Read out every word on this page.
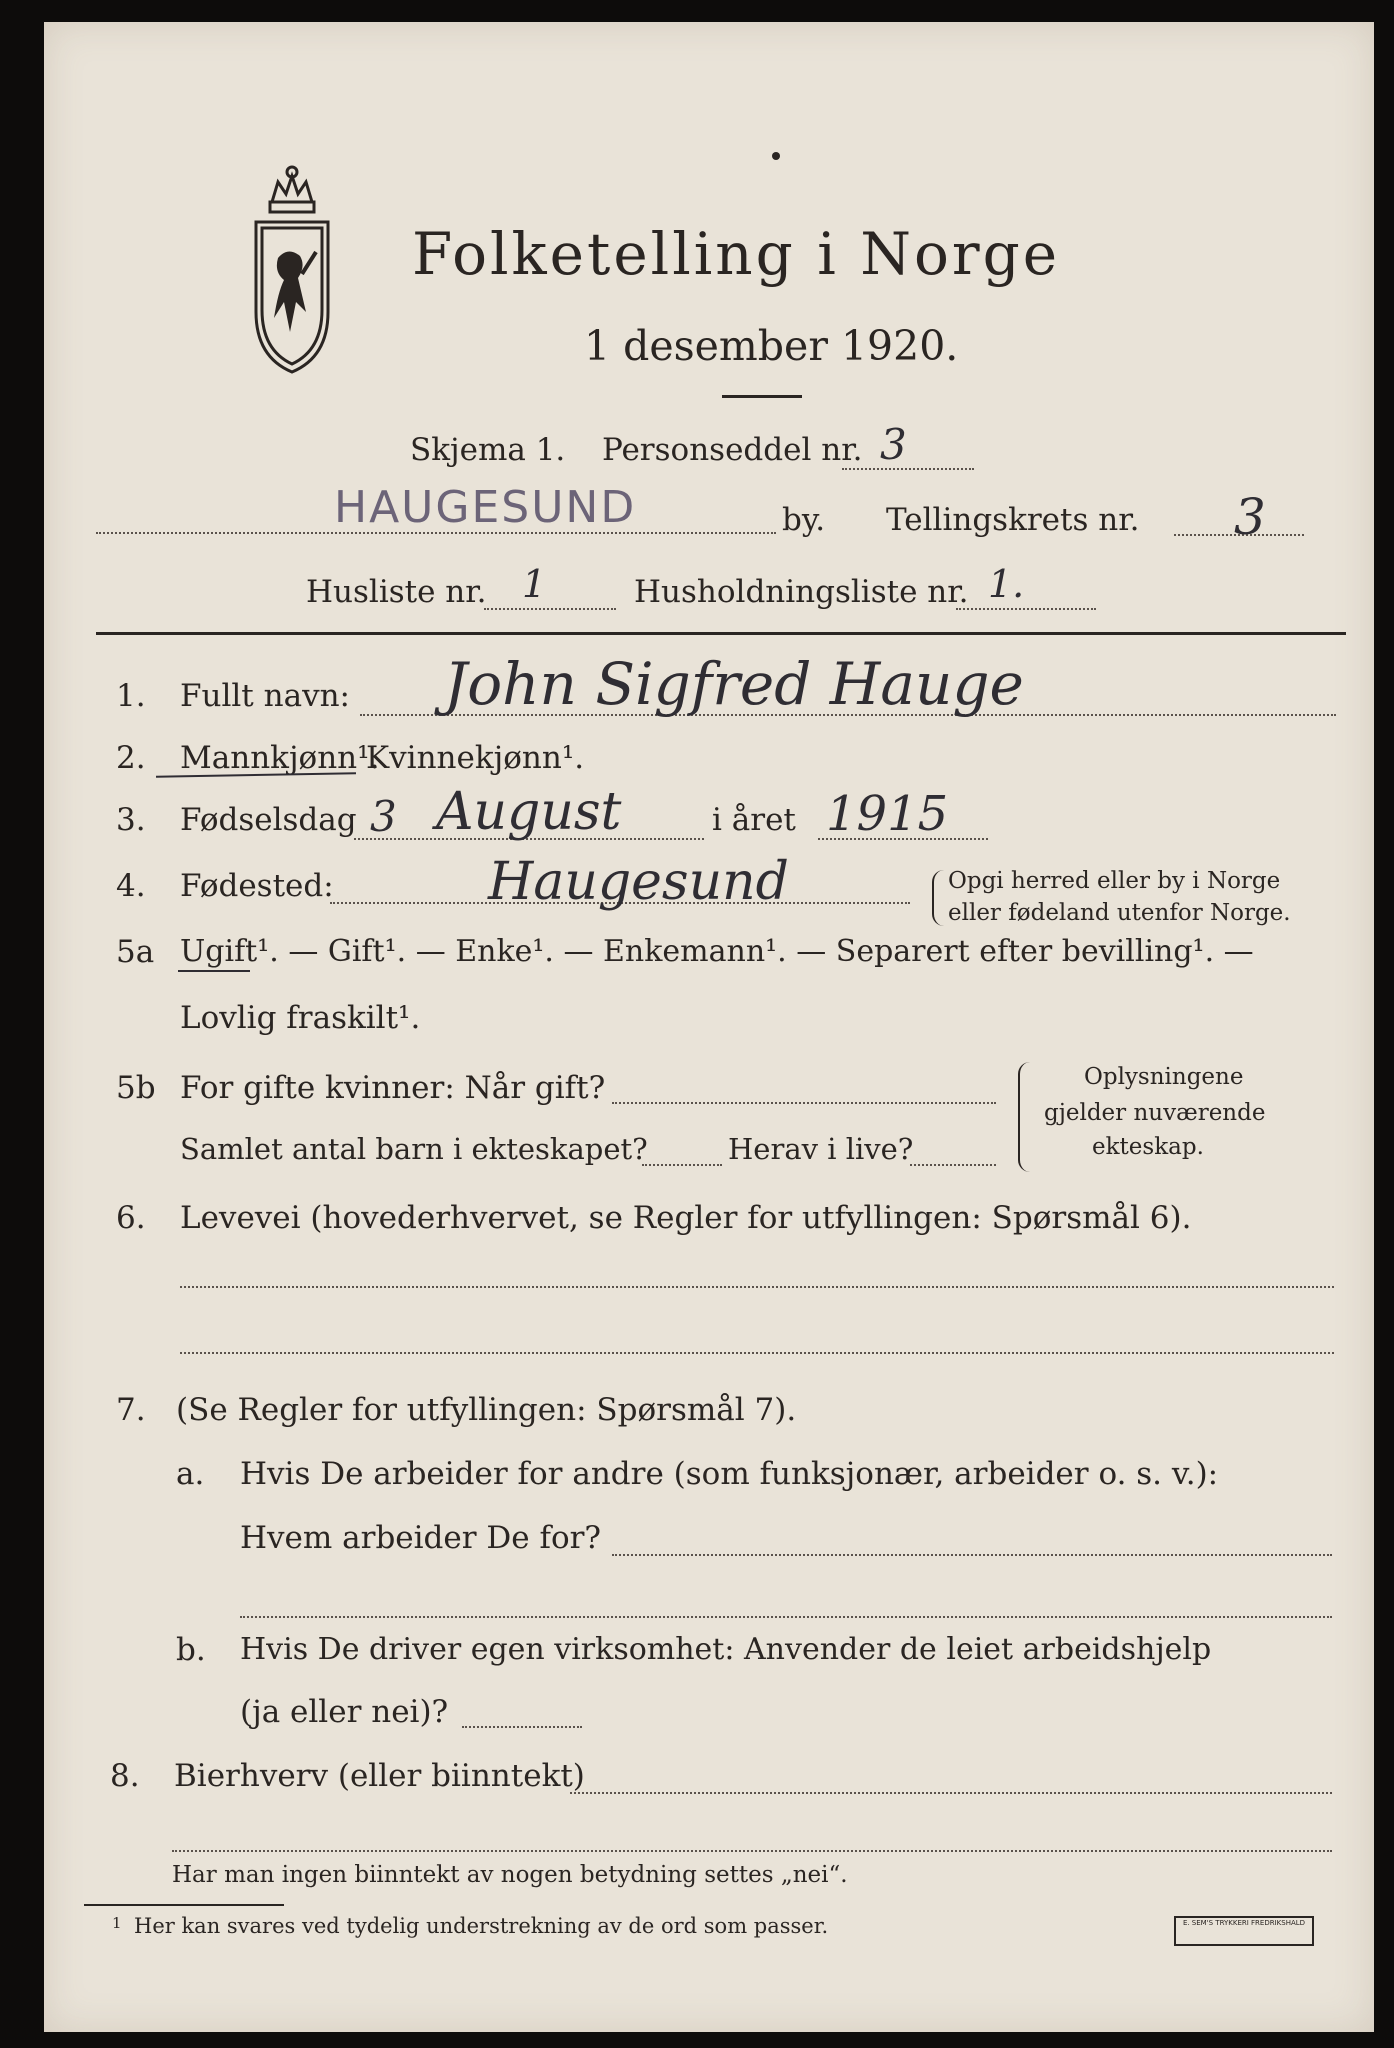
Folketelling i Norge
1 desember 1920.
Skjema 1. Personseddel nr. 3
HAUGESUND	by. Tellingskrets nr. 3
Husliste nr. 1	Husholdningsliste nr. 1.
1. Fullt navn: John Sigfred Hauge
2. Mannkjønn¹.
Kvinnekjønn¹.
3. Fødselsdag 3 August	i året 1915
4. Fødested:	Haugesund	Opgi herred eller by i Norge
eller fødeland utenfor Norge.
5a Ugift¹. — Gift¹. — Enke¹. — Enkemann¹. — Separert efter bevilling¹. —
Lovlig fraskilt¹.
5b For gifte kvinner: Når gift?
Samlet antal barn i ekteskapet?	Herav i live?
Oplysningene
gjelder nuværende
ekteskap.
6. Levevei (hovederhvervet, se Regler for utfyllingen: Spørsmål 6).
7. (Se Regler for utfyllingen: Spørsmål 7).
a. Hvis De arbeider for andre (som funksjonær, arbeider o. s. v.):
Hvem arbeider De for?
b. Hvis De driver egen virksomhet: Anvender de leiet arbeidshjelp
(ja eller nei)?
8. Bierhverv (eller biinntekt)
Har man ingen biinntekt av nogen betydning settes „nei“.
1 Her kan svares ved tydelig understrekning av de ord som passer.	E. SEM'S TRYKKERI FREDRIKSHALD
